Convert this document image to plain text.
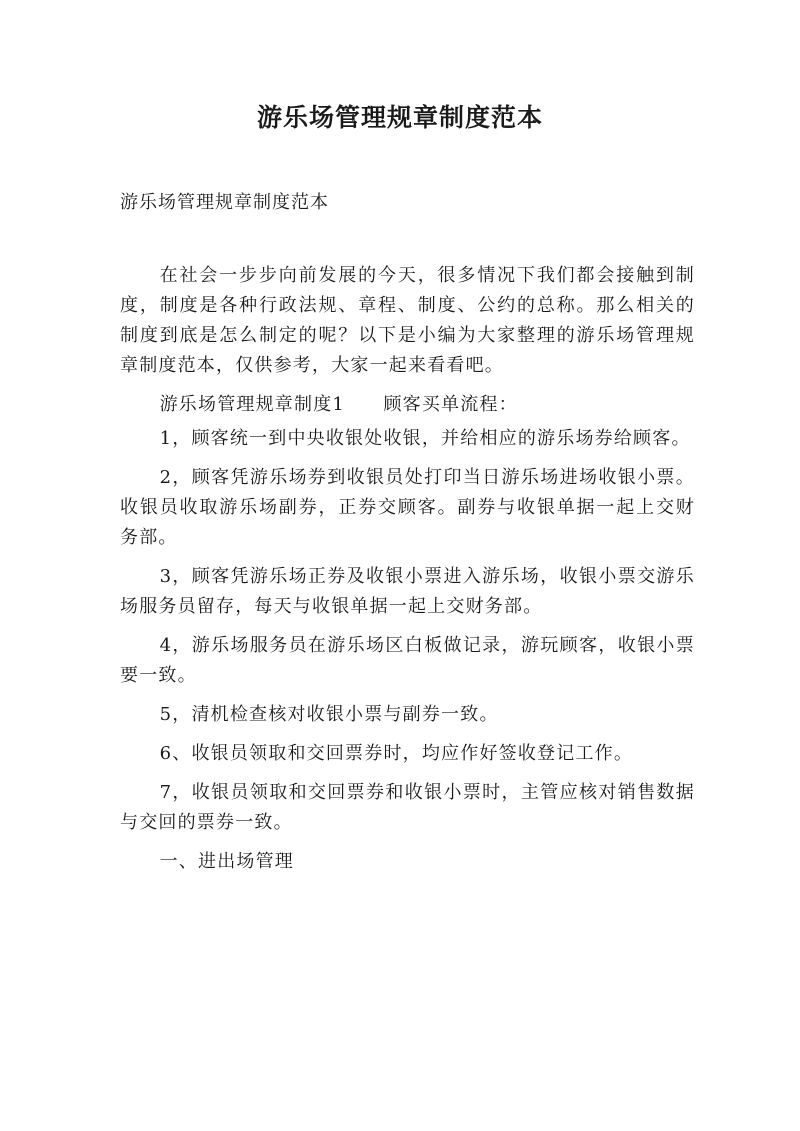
游乐场管理规章制度范本

游乐场管理规章制度范本

在社会一步步向前发展的今天，很多情况下我们都会接触到制度，制度是各种行政法规、章程、制度、公约的总称。那么相关的制度到底是怎么制定的呢？以下是小编为大家整理的游乐场管理规章制度范本，仅供参考，大家一起来看看吧。

游乐场管理规章制度1　　顾客买单流程：

1，顾客统一到中央收银处收银，并给相应的游乐场券给顾客。

2，顾客凭游乐场券到收银员处打印当日游乐场进场收银小票。收银员收取游乐场副券，正券交顾客。副券与收银单据一起上交财务部。

3，顾客凭游乐场正券及收银小票进入游乐场，收银小票交游乐场服务员留存，每天与收银单据一起上交财务部。

4，游乐场服务员在游乐场区白板做记录，游玩顾客，收银小票要一致。

5，清机检查核对收银小票与副券一致。

6、收银员领取和交回票券时，均应作好签收登记工作。

7，收银员领取和交回票券和收银小票时，主管应核对销售数据与交回的票券一致。

一、进出场管理
